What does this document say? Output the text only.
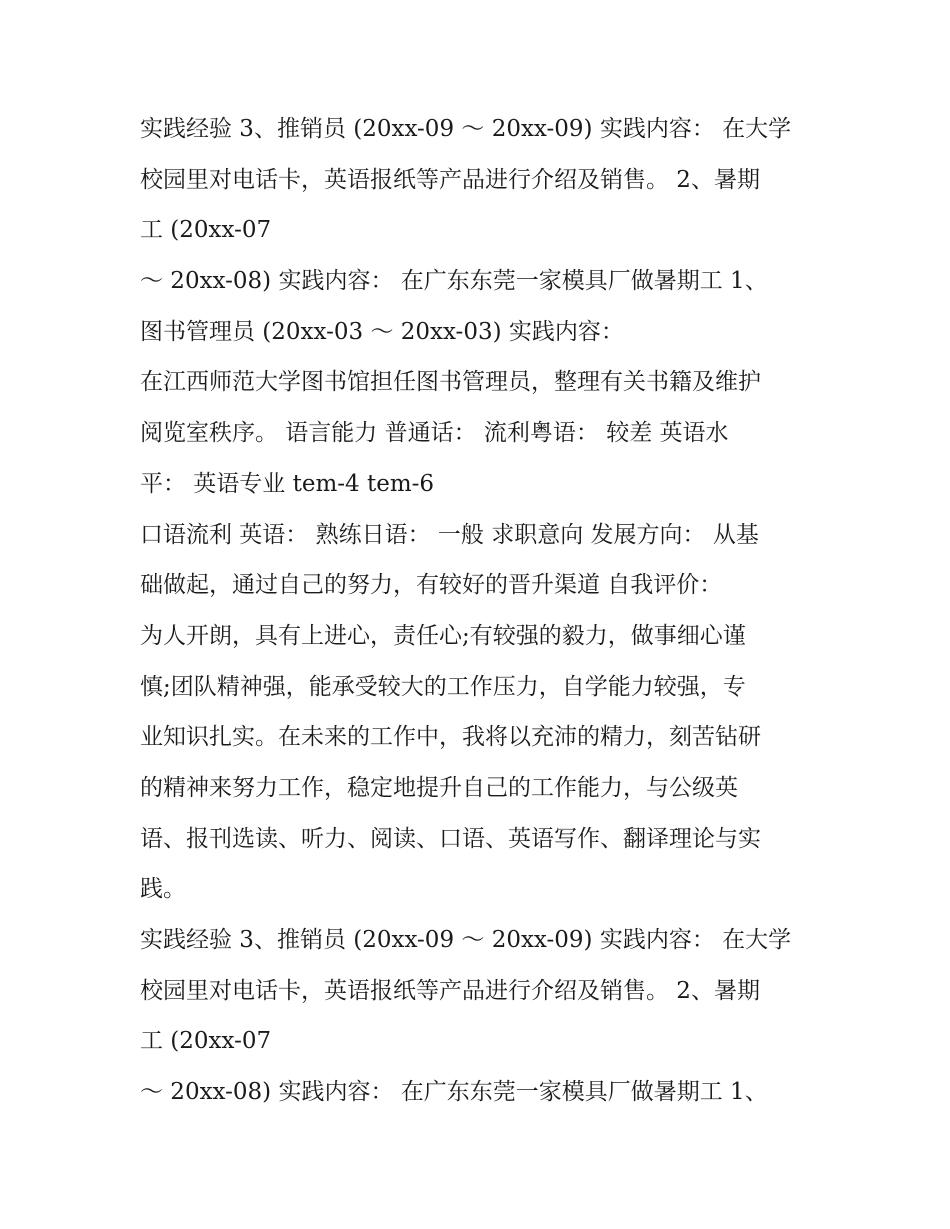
实践经验 3、推销员 (20xx-09 ～ 20xx-09) 实践内容： 在大学
校园里对电话卡，英语报纸等产品进行介绍及销售。 2、暑期
工 (20xx-07
～ 20xx-08) 实践内容： 在广东东莞一家模具厂做暑期工 1、
图书管理员 (20xx-03 ～ 20xx-03) 实践内容：
在江西师范大学图书馆担任图书管理员，整理有关书籍及维护
阅览室秩序。 语言能力 普通话： 流利粤语： 较差 英语水
平： 英语专业 tem-4 tem-6
口语流利 英语： 熟练日语： 一般 求职意向 发展方向： 从基
础做起，通过自己的努力，有较好的晋升渠道 自我评价：
为人开朗，具有上进心，责任心;有较强的毅力，做事细心谨
慎;团队精神强，能承受较大的工作压力，自学能力较强，专
业知识扎实。在未来的工作中，我将以充沛的精力，刻苦钻研
的精神来努力工作，稳定地提升自己的工作能力，与公级英
语、报刊选读、听力、阅读、口语、英语写作、翻译理论与实
践。
实践经验 3、推销员 (20xx-09 ～ 20xx-09) 实践内容： 在大学
校园里对电话卡，英语报纸等产品进行介绍及销售。 2、暑期
工 (20xx-07
～ 20xx-08) 实践内容： 在广东东莞一家模具厂做暑期工 1、
